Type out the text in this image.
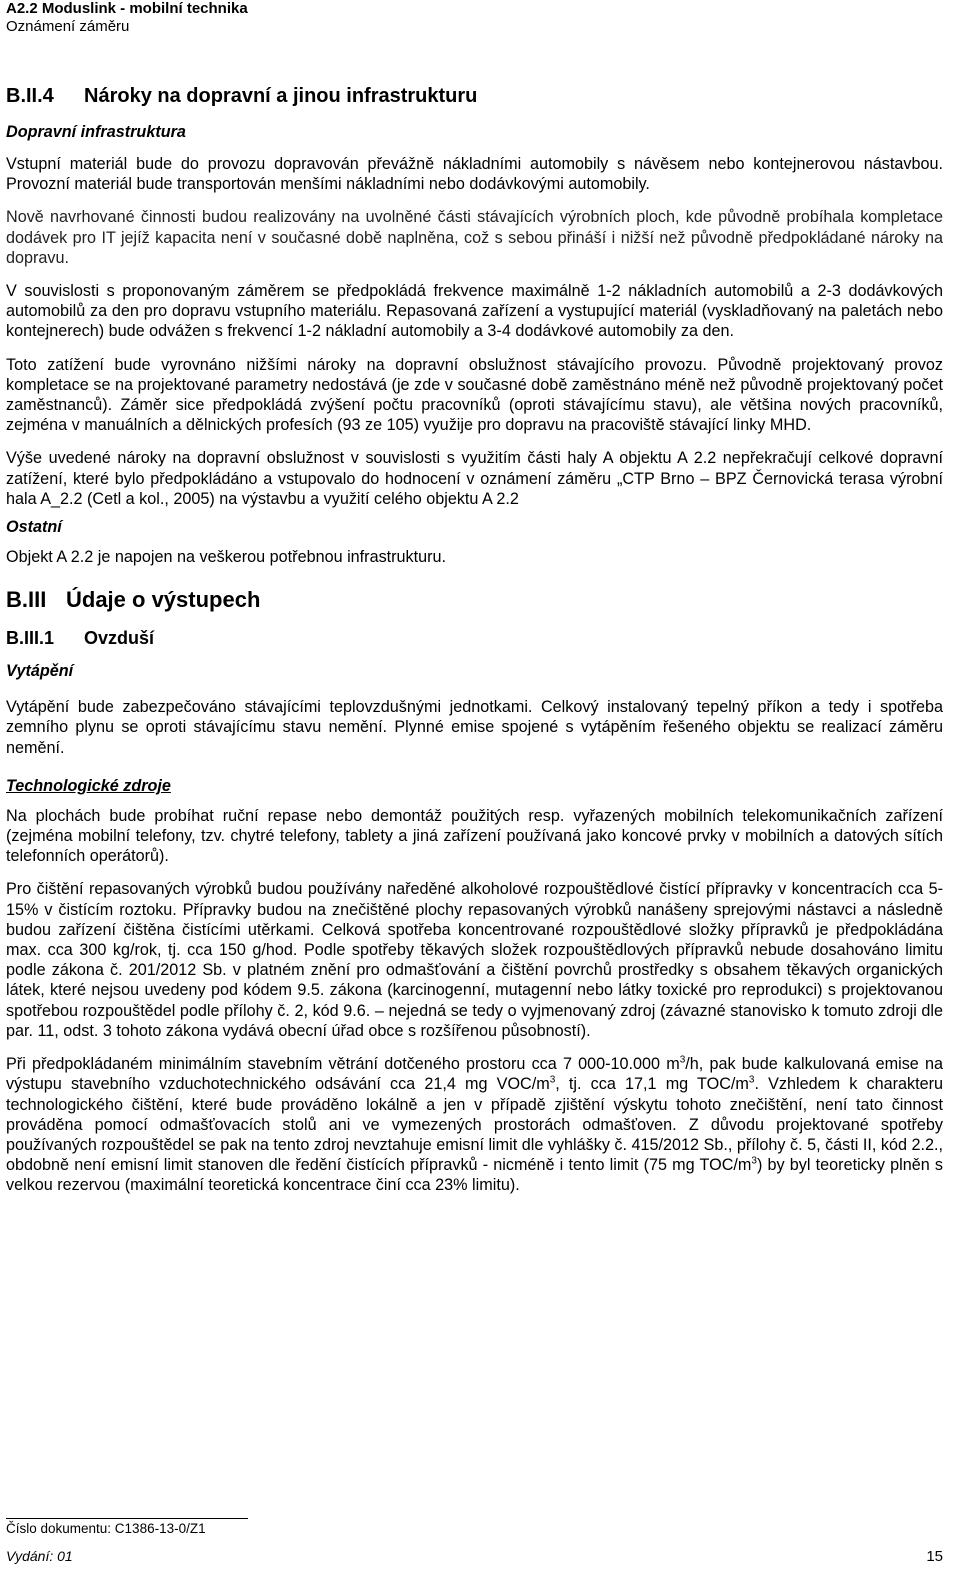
A2.2 Moduslink - mobilní technika
Oznámení záměru
B.II.4 Nároky na dopravní a jinou infrastrukturu
Dopravní infrastruktura

Vstupní materiál bude do provozu dopravován převážně nákladními automobily s návěsem nebo kontejnerovou nástavbou. Provozní materiál bude transportován menšími nákladními nebo dodávkovými automobily.

Nově navrhované činnosti budou realizovány na uvolněné části stávajících výrobních ploch, kde původně probíhala kompletace dodávek pro IT jejíž kapacita není v současné době naplněna, což s sebou přináší i nižší než původně předpokládané nároky na dopravu.

V souvislosti s proponovaným záměrem se předpokládá frekvence maximálně 1-2 nákladních automobilů a 2-3 dodávkových automobilů za den pro dopravu vstupního materiálu. Repasovaná zařízení a vystupující materiál (vyskladňovaný na paletách nebo kontejnerech) bude odvážen s frekvencí 1-2 nákladní automobily a 3-4 dodávkové automobily za den.

Toto zatížení bude vyrovnáno nižšími nároky na dopravní obslužnost stávajícího provozu. Původně projektovaný provoz kompletace se na projektované parametry nedostává (je zde v současné době zaměstnáno méně než původně projektovaný počet zaměstnanců). Záměr sice předpokládá zvýšení počtu pracovníků (oproti stávajícímu stavu), ale většina nových pracovníků, zejména v manuálních a dělnických profesích (93 ze 105) využije pro dopravu na pracoviště stávající linky MHD.

Výše uvedené nároky na dopravní obslužnost v souvislosti s využitím části haly A objektu A 2.2 nepřekračují celkové dopravní zatížení, které bylo předpokládáno a vstupovalo do hodnocení v oznámení záměru „CTP Brno – BPZ Černovická terasa výrobní hala A_2.2 (Cetl a kol., 2005) na výstavbu a využití celého objektu A 2.2

Ostatní

Objekt A 2.2 je napojen na veškerou potřebnou infrastrukturu.

B.III Údaje o výstupech
B.III.1 Ovzduší
Vytápění

Vytápění bude zabezpečováno stávajícími teplovzdušnými jednotkami. Celkový instalovaný tepelný příkon a tedy i spotřeba zemního plynu se oproti stávajícímu stavu nemění. Plynné emise spojené s vytápěním řešeného objektu se realizací záměru nemění.

Technologické zdroje

Na plochách bude probíhat ruční repase nebo demontáž použitých resp. vyřazených mobilních telekomunikačních zařízení (zejména mobilní telefony, tzv. chytré telefony, tablety a jiná zařízení používaná jako koncové prvky v mobilních a datových sítích telefonních operátorů).

Pro čištění repasovaných výrobků budou používány naředěné alkoholové rozpouštědlové čistící přípravky v koncentracích cca 5-15% v čistícím roztoku. Přípravky budou na znečištěné plochy repasovaných výrobků nanášeny sprejovými nástavci a následně budou zařízení čištěna čistícími utěrkami. Celková spotřeba koncentrované rozpouštědlové složky přípravků je předpokládána max. cca 300 kg/rok, tj. cca 150 g/hod. Podle spotřeby těkavých složek rozpouštědlových přípravků nebude dosahováno limitu podle zákona č. 201/2012 Sb. v platném znění pro odmašťování a čištění povrchů prostředky s obsahem těkavých organických látek, které nejsou uvedeny pod kódem 9.5. zákona (karcinogenní, mutagenní nebo látky toxické pro reprodukci) s projektovanou spotřebou rozpouštědel podle přílohy č. 2, kód 9.6. – nejedná se tedy o vyjmenovaný zdroj (závazné stanovisko k tomuto zdroji dle par. 11, odst. 3 tohoto zákona vydává obecní úřad obce s rozšířenou působností).

Při předpokládaném minimálním stavebním větrání dotčeného prostoru cca 7 000-10.000 $m^3/h$, pak bude kalkulovaná emise na výstupu stavebního vzduchotechnického odsávání cca 21,4 mg VOC/$m^3$, tj. cca 17,1 mg TOC/$m^3$. Vzhledem k charakteru technologického čištění, které bude prováděno lokálně a jen v případě zjištění výskytu tohoto znečištění, není tato činnost prováděna pomocí odmašťovacích stolů ani ve vymezených prostorách odmašťoven. Z důvodu projektované spotřeby používaných rozpouštědel se pak na tento zdroj nevztahuje emisní limit dle vyhlášky č. 415/2012 Sb., přílohy č. 5, části II, kód 2.2., obdobně není emisní limit stanoven dle ředění čistících přípravků - nicméně i tento limit (75 mg TOC/$m^3$) by byl teoreticky plněn s velkou rezervou (maximální teoretická koncentrace činí cca 23% limitu).

Číslo dokumentu: C1386-13-0/Z1
Vydání: 01	15
